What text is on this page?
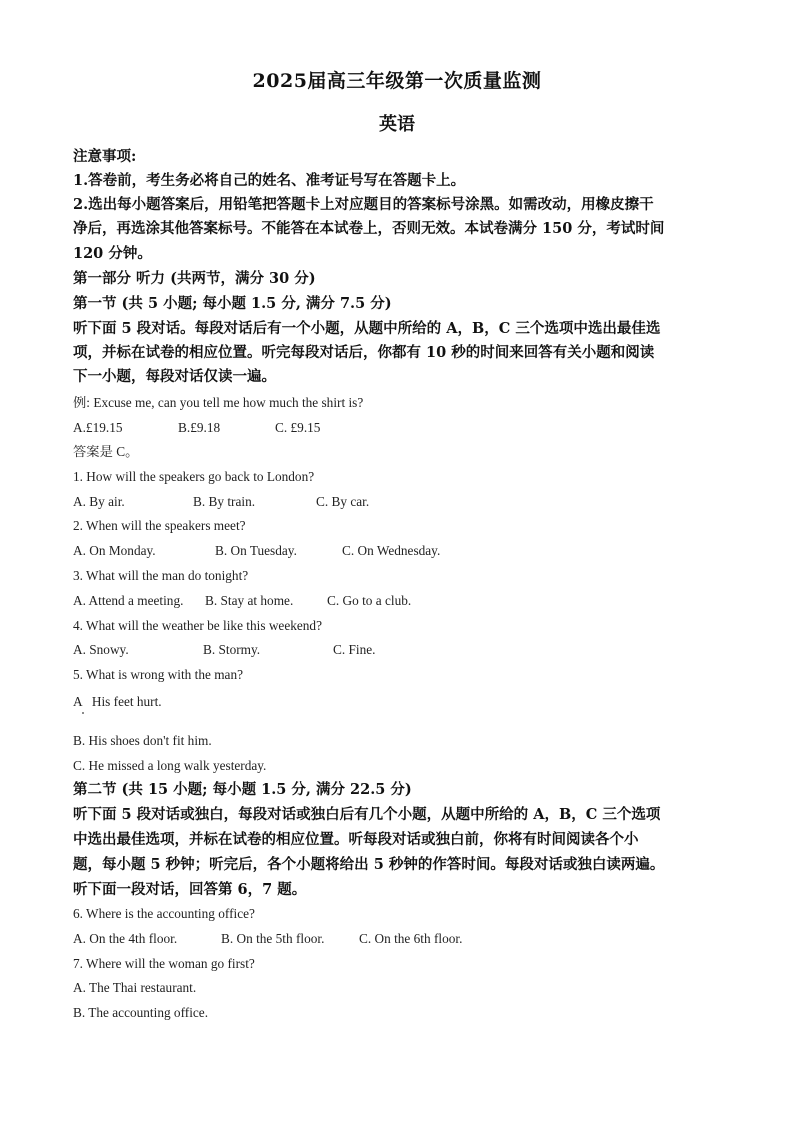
2025届高三年级第一次质量监测
英语
注意事项:
1.答卷前，考生务必将自己的姓名、准考证号写在答题卡上。
2.选出每小题答案后，用铅笔把答题卡上对应题目的答案标号涂黑。如需改动，用橡皮擦干
净后，再选涂其他答案标号。不能答在本试卷上，否则无效。本试卷满分 150 分，考试时间
120 分钟。
第一部分 听力 (共两节，满分 30 分)
第一节 (共 5 小题; 每小题 1.5 分, 满分 7.5 分)
听下面 5 段对话。每段对话后有一个小题，从题中所给的 A，B，C 三个选项中选出最佳选
项，并标在试卷的相应位置。听完每段对话后，你都有 10 秒的时间来回答有关小题和阅读
下一小题，每段对话仅读一遍。
例: Excuse me, can you tell me how much the shirt is?
A.£19.15	B.£9.18	C. £9.15
答案是 C。
1. How will the speakers go back to London?
A. By air.	B. By train.	C. By car.
2. When will the speakers meet?
A. On Monday.	B. On Tuesday.	C. On Wednesday.
3. What will the man do tonight?
A. Attend a meeting. B. Stay at home.	C. Go to a club.
4. What will the weather be like this weekend?
A. Snowy.	B. Stormy.	C. Fine.
5. What is wrong with the man?
A   His feet hurt.
B. His shoes don't fit him.
C. He missed a long walk yesterday.
第二节 (共 15 小题; 每小题 1.5 分, 满分 22.5 分)
听下面 5 段对话或独白，每段对话或独白后有几个小题，从题中所给的 A，B，C 三个选项
中选出最佳选项，并标在试卷的相应位置。听每段对话或独白前，你将有时间阅读各个小
题，每小题 5 秒钟；听完后，各个小题将给出 5 秒钟的作答时间。每段对话或独白读两遍。
听下面一段对话，回答第 6，7 题。
6. Where is the accounting office?
A. On the 4th floor.	B. On the 5th floor.	C. On the 6th floor.
7. Where will the woman go first?
A. The Thai restaurant.
B. The accounting office.
